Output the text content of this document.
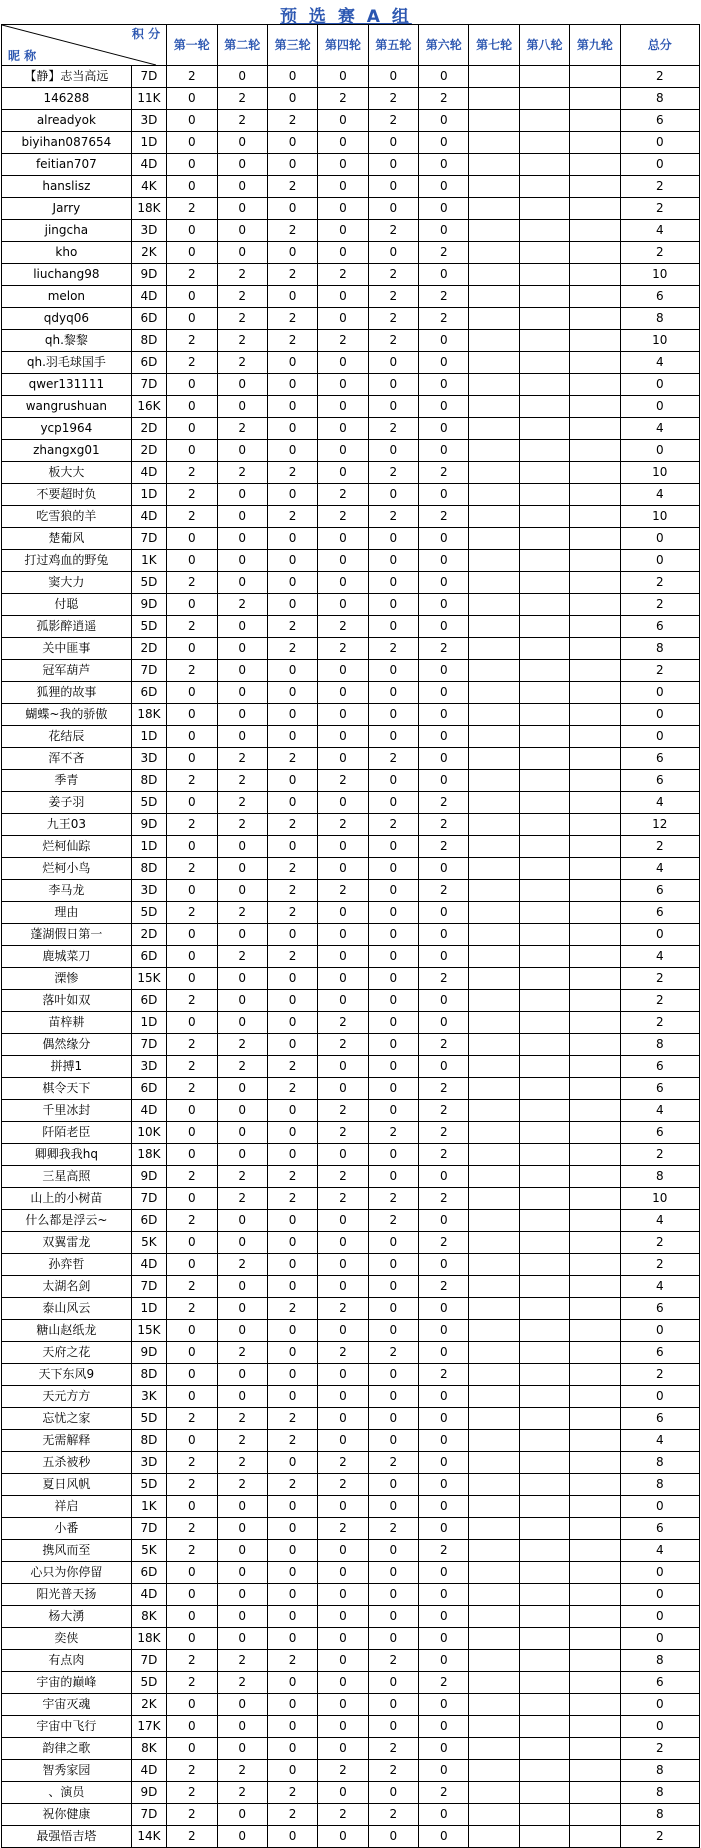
预 选 赛 A 组
积 分
昵 称		第一轮	第二轮	第三轮	第四轮	第五轮	第六轮	第七轮	第八轮	第九轮	总分
【静】志当高远	7D	2	0	0	0	0	0				2
146288	11K	0	2	0	2	2	2				8
alreadyok	3D	0	2	2	0	2	0				6
biyihan087654	1D	0	0	0	0	0	0				0
feitian707	4D	0	0	0	0	0	0				0
hanslisz	4K	0	0	2	0	0	0				2
Jarry	18K	2	0	0	0	0	0				2
jingcha	3D	0	0	2	0	2	0				4
kho	2K	0	0	0	0	0	2				2
liuchang98	9D	2	2	2	2	2	0				10
melon	4D	0	2	0	0	2	2				6
qdyq06	6D	0	2	2	0	2	2				8
qh.黎黎	8D	2	2	2	2	2	0				10
qh.羽毛球国手	6D	2	2	0	0	0	0				4
qwer131111	7D	0	0	0	0	0	0				0
wangrushuan	16K	0	0	0	0	0	0				0
ycp1964	2D	0	2	0	0	2	0				4
zhangxg01	2D	0	0	0	0	0	0				0
板大大	4D	2	2	2	0	2	2				10
不要超时负	1D	2	0	0	2	0	0				4
吃雪狼的羊	4D	2	0	2	2	2	2				10
楚葡风	7D	0	0	0	0	0	0				0
打过鸡血的野兔	1K	0	0	0	0	0	0				0
窦大力	5D	2	0	0	0	0	0				2
付聪	9D	0	2	0	0	0	0				2
孤影醉逍遥	5D	2	0	2	2	0	0				6
关中匪事	2D	0	0	2	2	2	2				8
冠军葫芦	7D	2	0	0	0	0	0				2
狐狸的故事	6D	0	0	0	0	0	0				0
蝴蝶~我的骄傲	18K	0	0	0	0	0	0				0
花结辰	1D	0	0	0	0	0	0				0
浑不吝	3D	0	2	2	0	2	0				6
季青	8D	2	2	0	2	0	0				6
姜子羽	5D	0	2	0	0	0	2				4
九王03	9D	2	2	2	2	2	2				12
烂柯仙踪	1D	0	0	0	0	0	2				2
烂柯小鸟	8D	2	0	2	0	0	0				4
李马龙	3D	0	0	2	2	0	2				6
理由	5D	2	2	2	0	0	0				6
蓬湖假日第一	2D	0	0	0	0	0	0				0
鹿城菜刀	6D	0	2	2	0	0	0				4
溧惨	15K	0	0	0	0	0	2				2
落叶如双	6D	2	0	0	0	0	0				2
苗梓耕	1D	0	0	0	2	0	0				2
偶然缘分	7D	2	2	0	2	0	2				8
拼搏1	3D	2	2	2	0	0	0				6
棋令天下	6D	2	0	2	0	0	2				6
千里冰封	4D	0	0	0	2	0	2				4
阡陌老臣	10K	0	0	0	2	2	2				6
卿卿我我hq	18K	0	0	0	0	0	2				2
三星高照	9D	2	2	2	2	0	0				8
山上的小树苗	7D	0	2	2	2	2	2				10
什么都是浮云~	6D	2	0	0	0	2	0				4
双翼雷龙	5K	0	0	0	0	0	2				2
孙弈哲	4D	0	2	0	0	0	0				2
太湖名剑	7D	2	0	0	0	0	2				4
泰山风云	1D	2	0	2	2	0	0				6
糖山赵纸龙	15K	0	0	0	0	0	0				0
天府之花	9D	0	2	0	2	2	0				6
天下东风9	8D	0	0	0	0	0	2				2
天元方方	3K	0	0	0	0	0	0				0
忘忧之家	5D	2	2	2	0	0	0				6
无需解释	8D	0	2	2	0	0	0				4
五杀被秒	3D	2	2	0	2	2	0				8
夏日风帆	5D	2	2	2	2	0	0				8
祥启	1K	0	0	0	0	0	0				0
小番	7D	2	0	0	2	2	0				6
携风而至	5K	2	0	0	0	0	2				4
心只为你停留	6D	0	0	0	0	0	0				0
阳光普天扬	4D	0	0	0	0	0	0				0
杨大湧	8K	0	0	0	0	0	0				0
奕侠	18K	0	0	0	0	0	0				0
有点肉	7D	2	2	2	0	2	0				8
宇宙的巅峰	5D	2	2	0	0	0	2				6
宇宙灭魂	2K	0	0	0	0	0	0				0
宇宙中飞行	17K	0	0	0	0	0	0				0
韵律之歌	8K	0	0	0	0	2	0				2
智秀家园	4D	2	2	0	2	2	0				8
、演员	9D	2	2	2	0	0	2				8
祝你健康	7D	2	0	2	2	2	0				8
最强悟吉塔	14K	2	0	0	0	0	0				2
